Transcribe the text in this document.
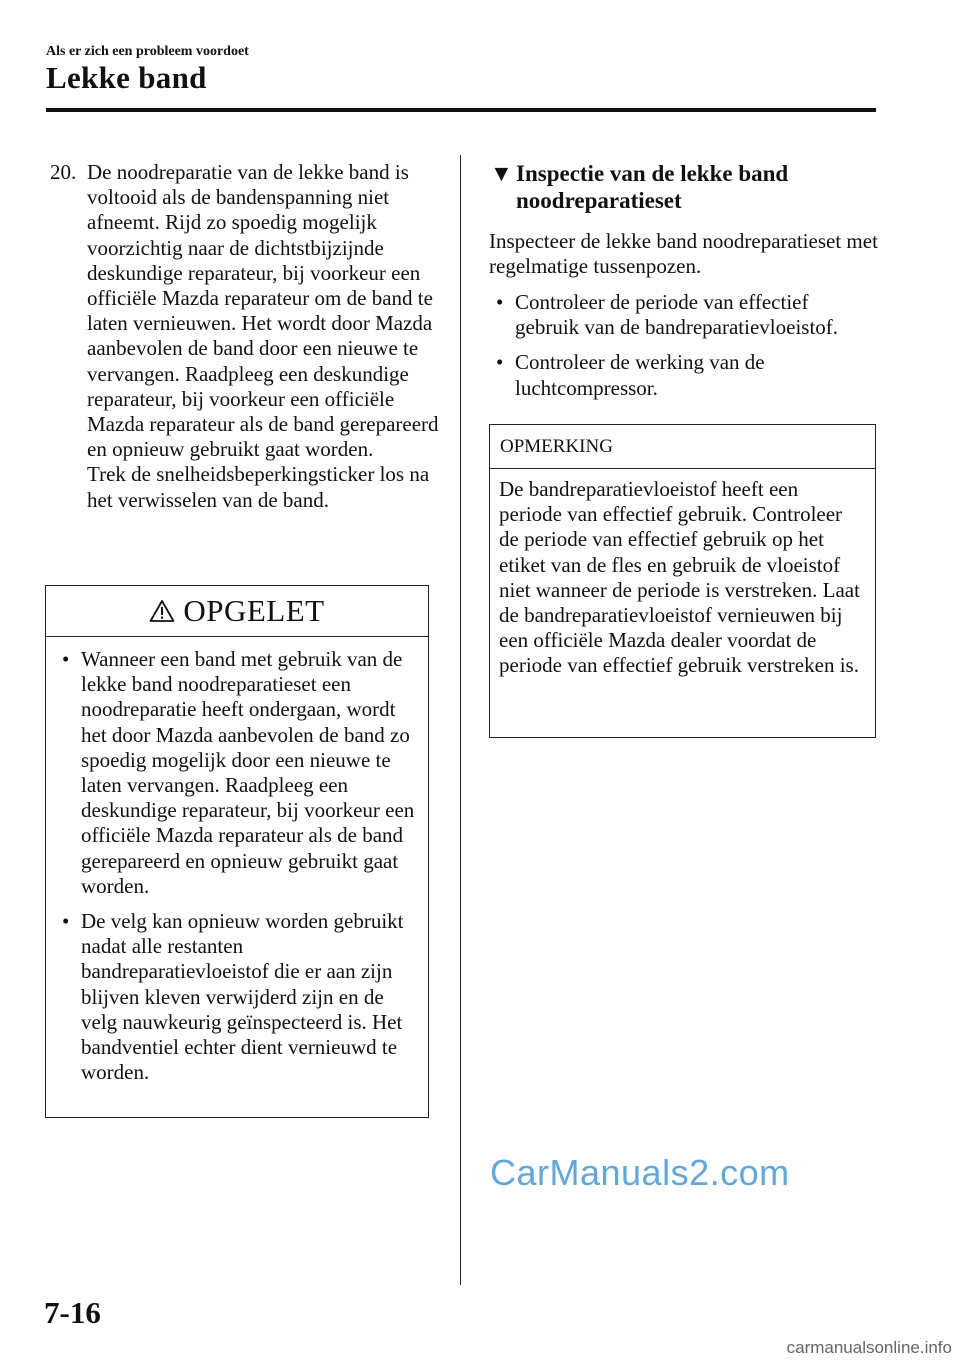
Als er zich een probleem voordoet
Lekke band
20. De noodreparatie van de lekke band is voltooid als de bandenspanning niet afneemt. Rijd zo spoedig mogelijk voorzichtig naar de dichtstbijzijnde deskundige reparateur, bij voorkeur een officiële Mazda reparateur om de band te laten vernieuwen. Het wordt door Mazda aanbevolen de band door een nieuwe te vervangen. Raadpleeg een deskundige reparateur, bij voorkeur een officiële Mazda reparateur als de band gerepareerd en opnieuw gebruikt gaat worden.
Trek de snelheidsbeperkingsticker los na het verwisselen van de band.
OPGELET
• Wanneer een band met gebruik van de lekke band noodreparatieset een noodreparatie heeft ondergaan, wordt het door Mazda aanbevolen de band zo spoedig mogelijk door een nieuwe te laten vervangen. Raadpleeg een deskundige reparateur, bij voorkeur een officiële Mazda reparateur als de band gerepareerd en opnieuw gebruikt gaat worden.
• De velg kan opnieuw worden gebruikt nadat alle restanten bandreparatievloeistof die er aan zijn blijven kleven verwijderd zijn en de velg nauwkeurig geïnspecteerd is. Het bandventiel echter dient vernieuwd te worden.
▼ Inspectie van de lekke band noodreparatieset
Inspecteer de lekke band noodreparatieset met regelmatige tussenpozen.
• Controleer de periode van effectief gebruik van de bandreparatievloeistof.
• Controleer de werking van de luchtcompressor.
OPMERKING
De bandreparatievloeistof heeft een periode van effectief gebruik. Controleer de periode van effectief gebruik op het etiket van de fles en gebruik de vloeistof niet wanneer de periode is verstreken. Laat de bandreparatievloeistof vernieuwen bij een officiële Mazda dealer voordat de periode van effectief gebruik verstreken is.
CarManuals2.com
7-16
carmanualsonline.info
